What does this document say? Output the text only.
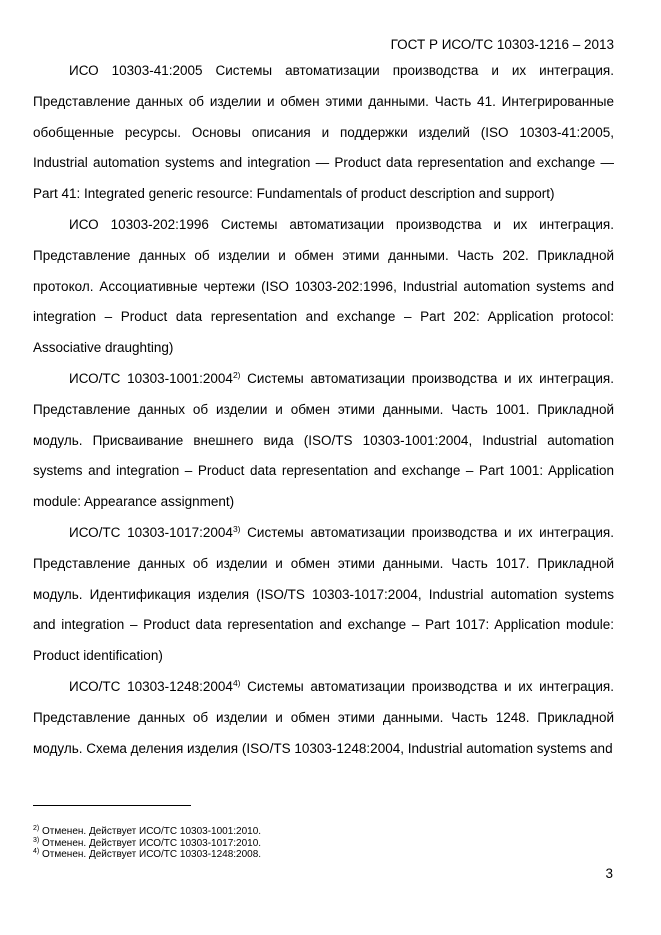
ГОСТ Р ИСО/ТС 10303-1216 – 2013

ИСО 10303-41:2005 Системы автоматизации производства и их интеграция. Представление данных об изделии и обмен этими данными. Часть 41. Интегрированные обобщенные ресурсы. Основы описания и поддержки изделий (ISO 10303-41:2005, Industrial automation systems and integration — Product data representation and exchange — Part 41: Integrated generic resource: Fundamentals of product description and support)

ИСО 10303-202:1996 Системы автоматизации производства и их интеграция. Представление данных об изделии и обмен этими данными. Часть 202. Прикладной протокол. Ассоциативные чертежи (ISO 10303-202:1996, Industrial automation systems and integration – Product data representation and exchange – Part 202: Application protocol: Associative draughting)

ИСО/ТС 10303-1001:2004$^{2)}$ Системы автоматизации производства и их интеграция. Представление данных об изделии и обмен этими данными. Часть 1001. Прикладной модуль. Присваивание внешнего вида (ISO/TS 10303-1001:2004, Industrial automation systems and integration – Product data representation and exchange – Part 1001: Application module: Appearance assignment)

ИСО/ТС 10303-1017:2004$^{3)}$ Системы автоматизации производства и их интеграция. Представление данных об изделии и обмен этими данными. Часть 1017. Прикладной модуль. Идентификация изделия (ISO/TS 10303-1017:2004, Industrial automation systems and integration – Product data representation and exchange – Part 1017: Application module: Product identification)

ИСО/ТС 10303-1248:2004$^{4)}$ Системы автоматизации производства и их интеграция. Представление данных об изделии и обмен этими данными. Часть 1248. Прикладной модуль. Схема деления изделия (ISO/TS 10303-1248:2004, Industrial automation systems and

$^{2)}$ Отменен. Действует ИСО/ТС 10303-1001:2010.

$^{3)}$ Отменен. Действует ИСО/ТС 10303-1017:2010.

$^{4)}$ Отменен. Действует ИСО/ТС 10303-1248:2008.

3
